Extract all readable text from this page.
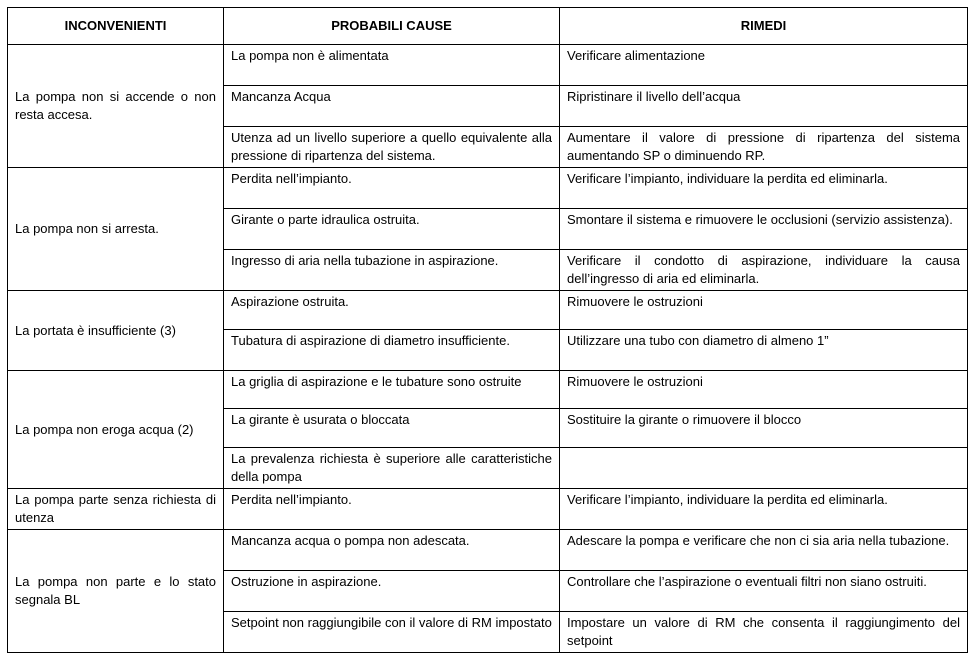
INCONVENIENTI	PROBABILI CAUSE	RIMEDI
La pompa non si accende o non resta accesa.	La pompa non è alimentata	Verificare alimentazione
	Mancanza Acqua	Ripristinare il livello dell’acqua
	Utenza ad un livello superiore a quello equivalente alla pressione di ripartenza del sistema.	Aumentare il valore di pressione di ripartenza del sistema aumentando SP o diminuendo RP.
La pompa non si arresta.	Perdita nell’impianto.	Verificare l’impianto, individuare la perdita ed eliminarla.
	Girante o parte idraulica ostruita.	Smontare il sistema e rimuovere le occlusioni (servizio assistenza).
	Ingresso di aria nella tubazione in aspirazione.	Verificare il condotto di aspirazione, individuare la causa dell’ingresso di aria ed eliminarla.
La portata è insufficiente (3)	Aspirazione ostruita.	Rimuovere le ostruzioni
	Tubatura di aspirazione di diametro insufficiente.	Utilizzare una tubo con diametro di almeno 1”
La pompa non eroga acqua (2)	La griglia di aspirazione e le tubature sono ostruite	Rimuovere le ostruzioni
	La girante è usurata o bloccata	Sostituire la girante o rimuovere il blocco
	La prevalenza richiesta è superiore alle caratteristiche della pompa	
La pompa parte senza richiesta di utenza	Perdita nell’impianto.	Verificare l’impianto, individuare la perdita ed eliminarla.
La pompa non parte e lo stato segnala BL	Mancanza acqua o pompa non adescata.	Adescare la pompa e verificare che non ci sia aria nella tubazione.
	Ostruzione in aspirazione.	Controllare che l’aspirazione o eventuali filtri non siano ostruiti.
	Setpoint non raggiungibile con il valore di RM impostato	Impostare un valore di RM che consenta il raggiungimento del setpoint
